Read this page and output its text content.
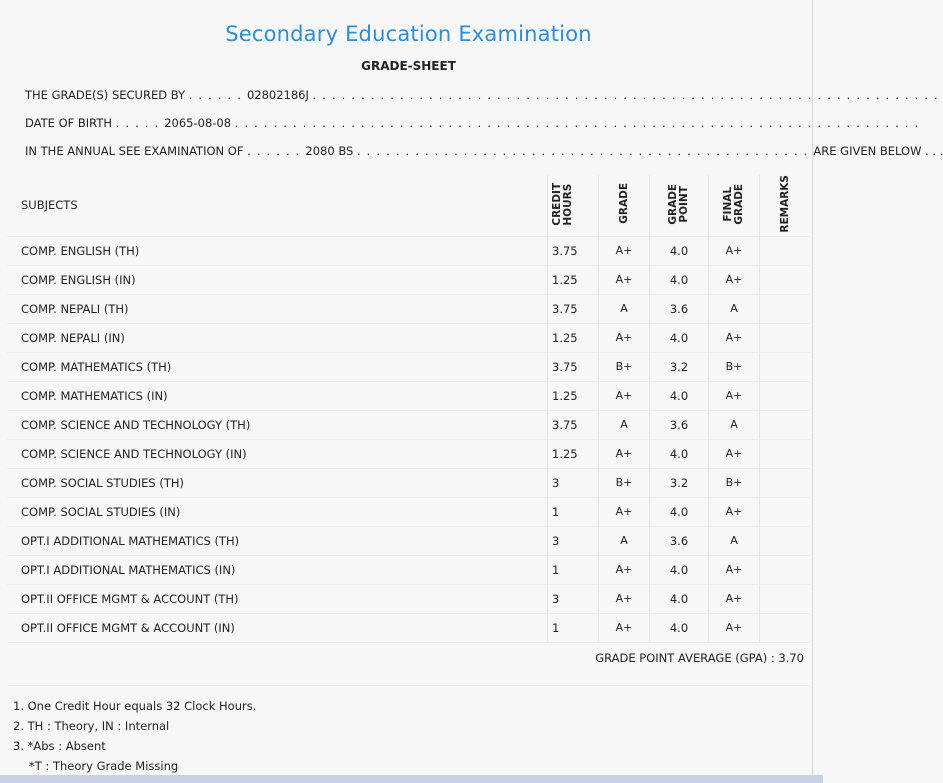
Secondary Education Examination
GRADE-SHEET
THE GRADE(S) SECURED BY . . . . . . 02802186J . . . . . . . . . . . . . . . . . . . . . . . . . . . . . . . . . . . . . . . . . . . . . . . . . . . . . . . . . . . . . . . . .
DATE OF BIRTH . . . . . 2065-08-08 . . . . . . . . . . . . . . . . . . . . . . . . . . . . . . . . . . . . . . . . . . . . . . . . . . . . . . . . . . . . . . . . . . . . . . .
IN THE ANNUAL SEE EXAMINATION OF . . . . . . 2080 BS . . . . . . . . . . . . . . . . . . . . . . . . . . . . . . . . . . . . . . . . . . . . . . . ARE GIVEN BELOW . . .
SUBJECTS	CREDIT HOURS	GRADE	GRADE POINT	FINAL GRADE	REMARKS
COMP. ENGLISH (TH)	3.75	A+	4.0	A+	
COMP. ENGLISH (IN)	1.25	A+	4.0	A+	
COMP. NEPALI (TH)	3.75	A	3.6	A	
COMP. NEPALI (IN)	1.25	A+	4.0	A+	
COMP. MATHEMATICS (TH)	3.75	B+	3.2	B+	
COMP. MATHEMATICS (IN)	1.25	A+	4.0	A+	
COMP. SCIENCE AND TECHNOLOGY (TH)	3.75	A	3.6	A	
COMP. SCIENCE AND TECHNOLOGY (IN)	1.25	A+	4.0	A+	
COMP. SOCIAL STUDIES (TH)	3	B+	3.2	B+	
COMP. SOCIAL STUDIES (IN)	1	A+	4.0	A+	
OPT.I ADDITIONAL MATHEMATICS (TH)	3	A	3.6	A	
OPT.I ADDITIONAL MATHEMATICS (IN)	1	A+	4.0	A+	
OPT.II OFFICE MGMT & ACCOUNT (TH)	3	A+	4.0	A+	
OPT.II OFFICE MGMT & ACCOUNT (IN)	1	A+	4.0	A+	
GRADE POINT AVERAGE (GPA) : 3.70
1. One Credit Hour equals 32 Clock Hours.
2. TH : Theory, IN : Internal
3. *Abs : Absent
*T : Theory Grade Missing
